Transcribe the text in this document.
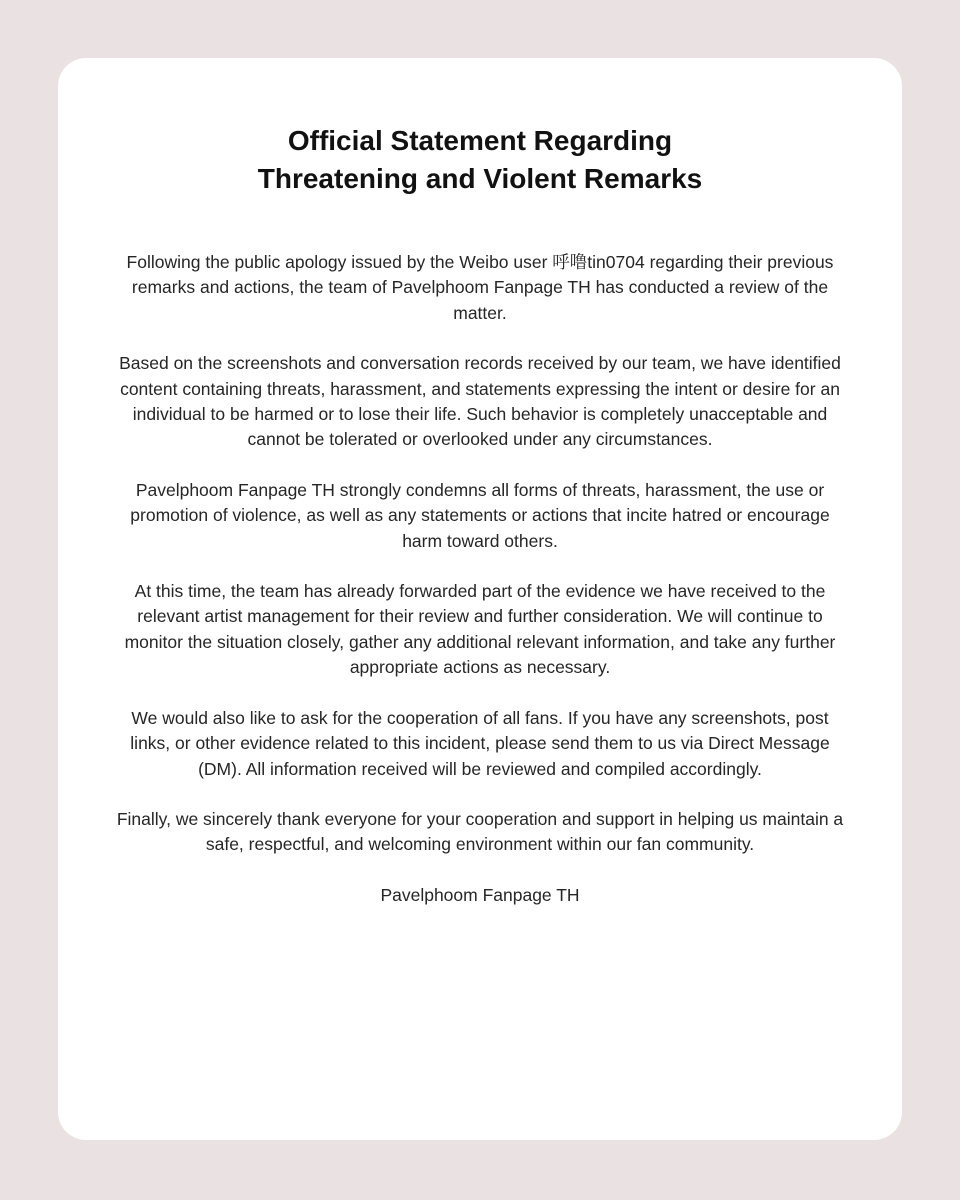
Official Statement Regarding
Threatening and Violent Remarks

Following the public apology issued by the Weibo user 呼噜tin0704 regarding their previous remarks and actions, the team of Pavelphoom Fanpage TH has conducted a review of the matter.

Based on the screenshots and conversation records received by our team, we have identified content containing threats, harassment, and statements expressing the intent or desire for an individual to be harmed or to lose their life. Such behavior is completely unacceptable and cannot be tolerated or overlooked under any circumstances.

Pavelphoom Fanpage TH strongly condemns all forms of threats, harassment, the use or promotion of violence, as well as any statements or actions that incite hatred or encourage harm toward others.

At this time, the team has already forwarded part of the evidence we have received to the relevant artist management for their review and further consideration. We will continue to monitor the situation closely, gather any additional relevant information, and take any further appropriate actions as necessary.

We would also like to ask for the cooperation of all fans. If you have any screenshots, post links, or other evidence related to this incident, please send them to us via Direct Message (DM). All information received will be reviewed and compiled accordingly.

Finally, we sincerely thank everyone for your cooperation and support in helping us maintain a safe, respectful, and welcoming environment within our fan community.

Pavelphoom Fanpage TH
